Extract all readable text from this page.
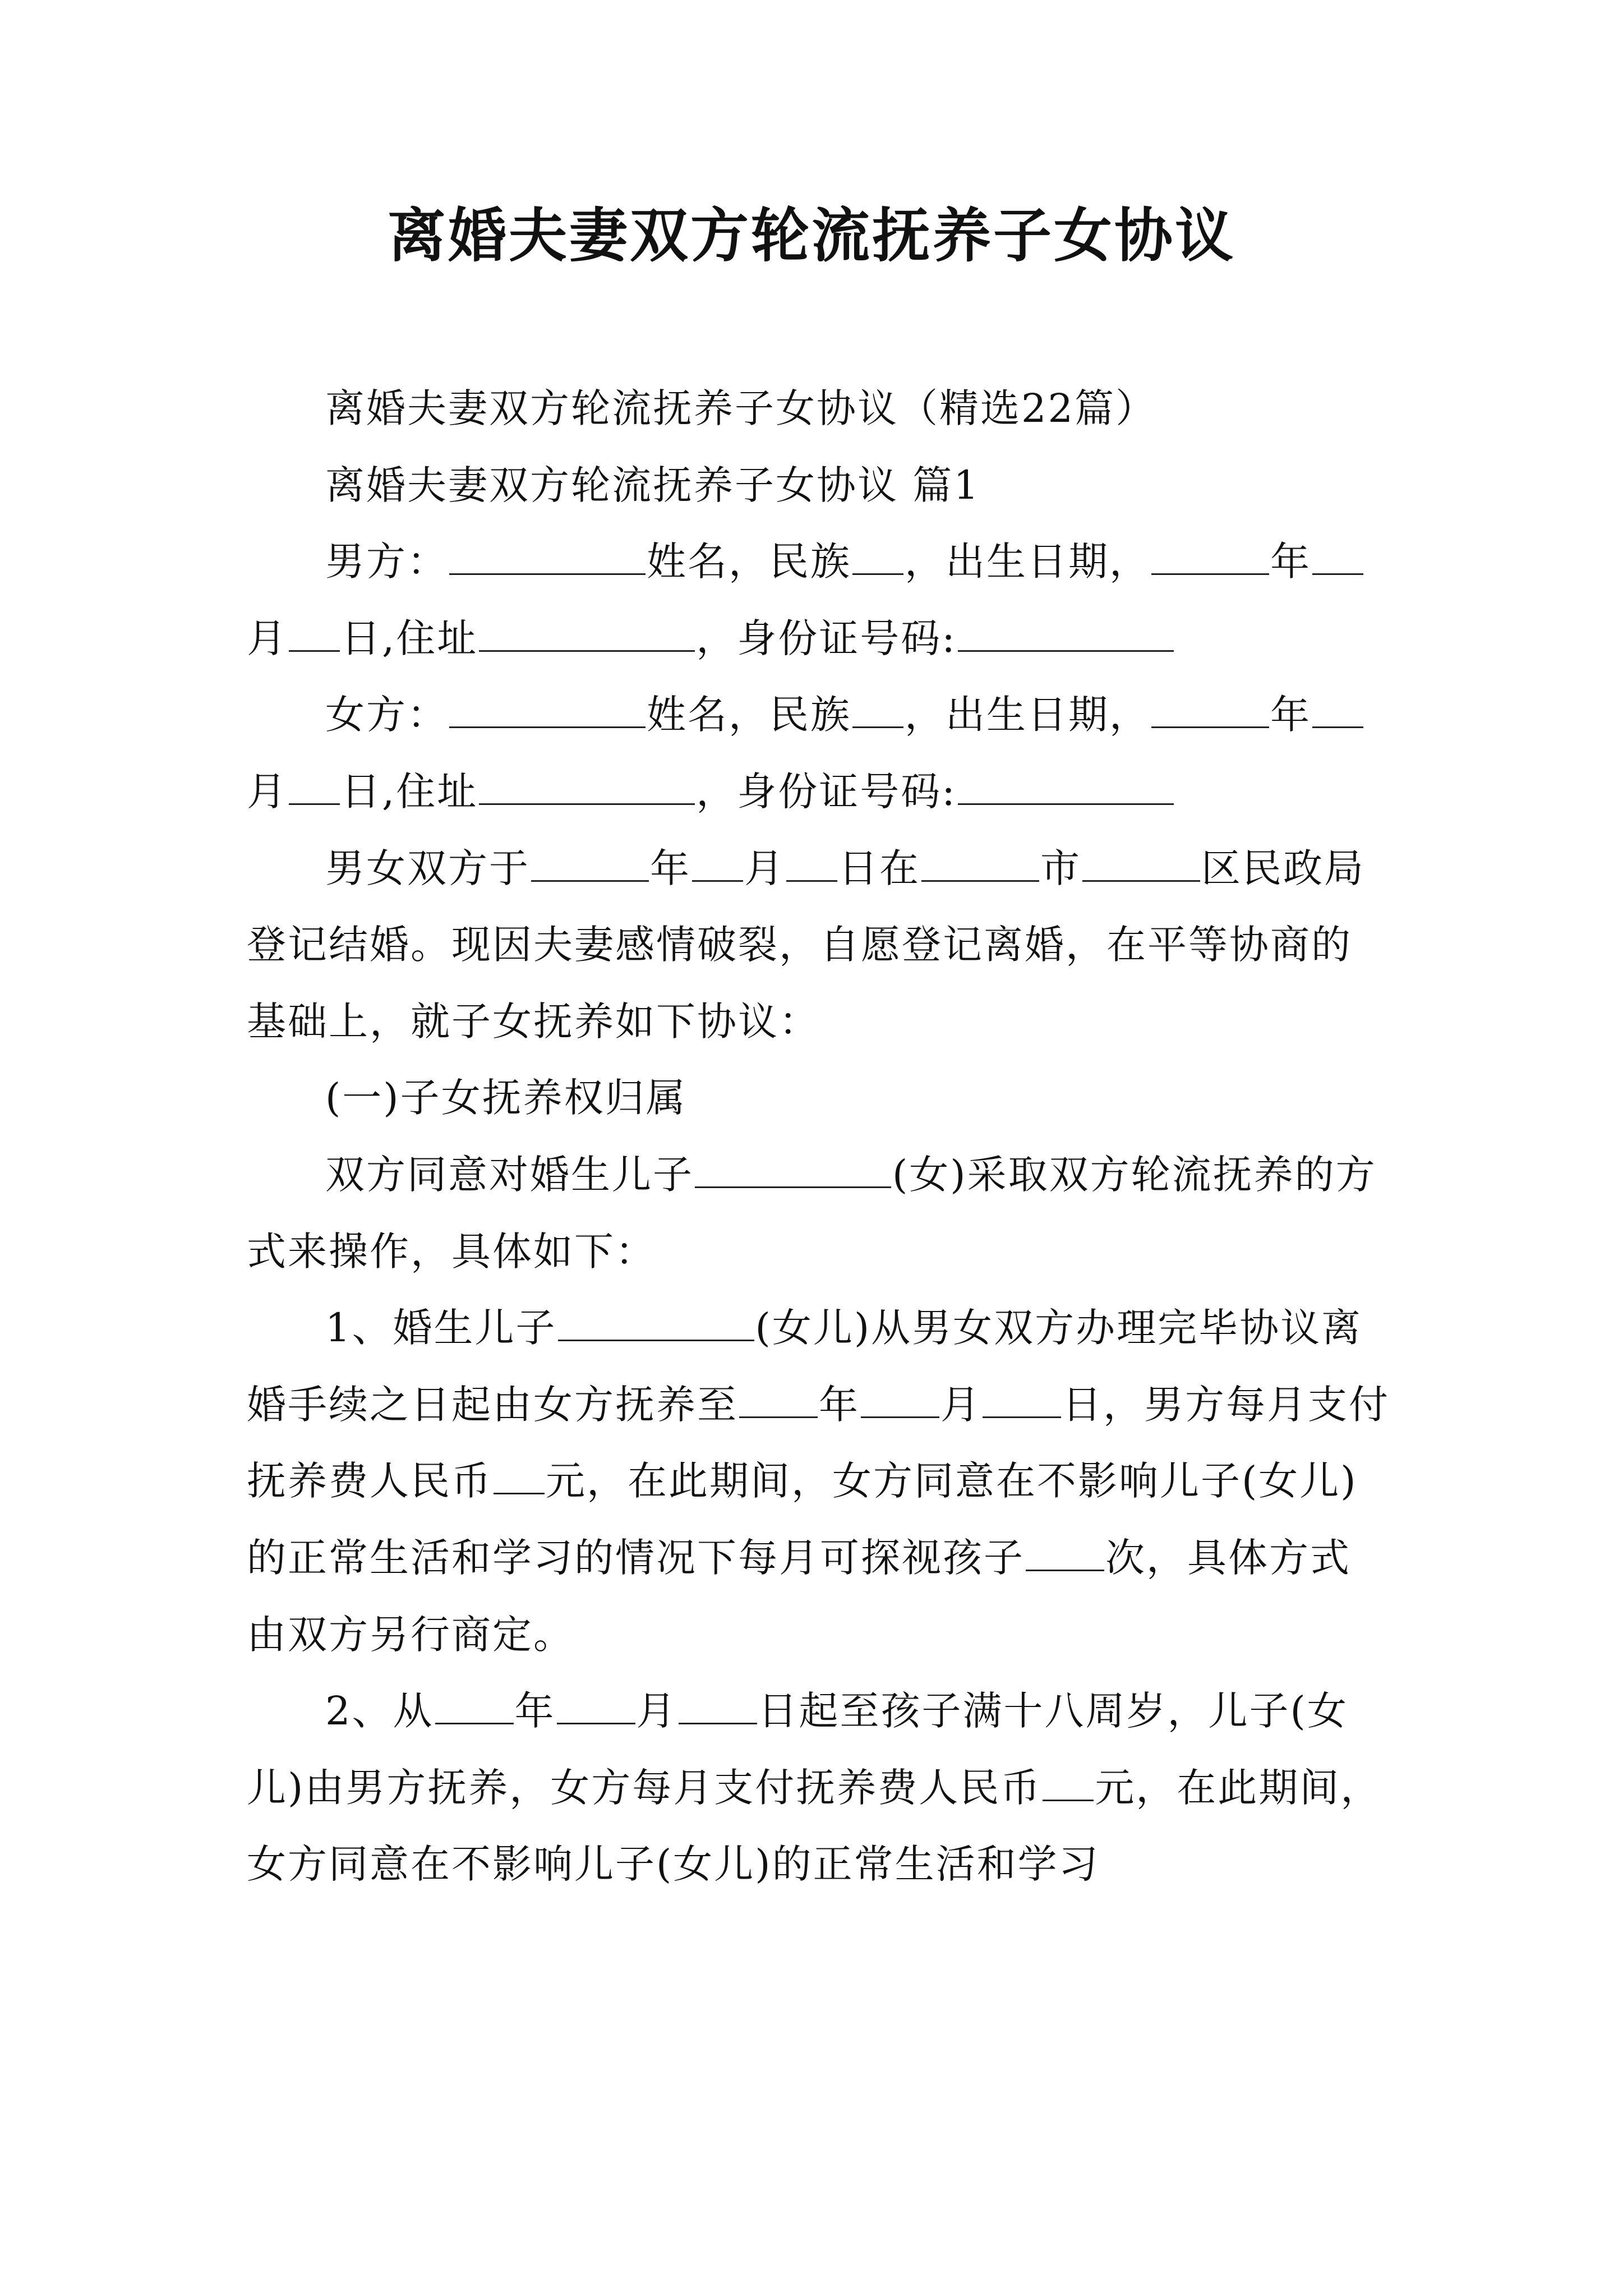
离婚夫妻双方轮流抚养子女协议

离婚夫妻双方轮流抚养子女协议（精选22篇）

离婚夫妻双方轮流抚养子女协议 篇1

男方：	姓名，民族 ，出生日期，	年月 日,住址	，身份证号码:

女方：	姓名，民族 ，出生日期，	年月 日,住址	，身份证号码:

男女双方于	年 月 日在	市	区民政局登记结婚。现因夫妻感情破裂，自愿登记离婚，在平等协商的基础上，就子女抚养如下协议：

(一)子女抚养权归属

双方同意对婚生儿子	(女)采取双方轮流抚养的方式来操作，具体如下：

1、婚生儿子	(女儿)从男女双方办理完毕协议离婚手续之日起由女方抚养至 年 月 日，男方每月支付抚养费人民币 元，在此期间，女方同意在不影响儿子(女儿)的正常生活和学习的情况下每月可探视孩子 次，具体方式由双方另行商定。

2、从 年 月 日起至孩子满十八周岁，儿子(女儿)由男方抚养，女方每月支付抚养费人民币 元，在此期间，女方同意在不影响儿子(女儿)的正常生活和学习
